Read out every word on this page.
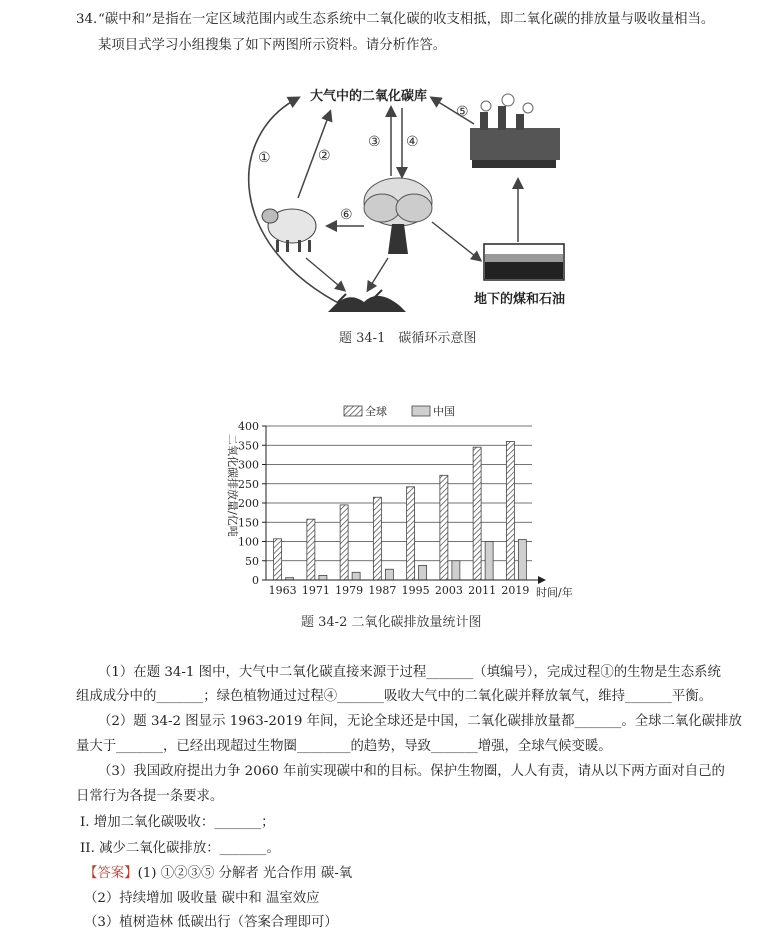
34. “碳中和”是指在一定区域范围内或生态系统中二氧化碳的收支相抵，即二氧化碳的排放量与吸收量相当。
某项目式学习小组搜集了如下两图所示资料。请分析作答。
大气中的二氧化碳库
①	②
③ ④
⑤
⑥
地下的煤和石油
题 34-1　碳循环示意图
0
50
100
150
200
250
300
350
400
1963 1971 1979 1987 1995 2003 2011 2019
二氧化碳排放量/亿吨
时间/年
全球	中国
题 34-2 二氧化碳排放量统计图
（1）在题 34-1 图中，大气中二氧化碳直接来源于过程_______（填编号），完成过程①的生物是生态系统
组成成分中的_______；绿色植物通过过程④_______吸收大气中的二氧化碳并释放氧气，维持_______平衡。
（2）题 34-2 图显示 1963-2019 年间，无论全球还是中国，二氧化碳排放量都_______。全球二氧化碳排放
量大于_______，已经出现超过生物圈________的趋势，导致_______增强，全球气候变暖。
（3）我国政府提出力争 2060 年前实现碳中和的目标。保护生物圈，人人有责，请从以下两方面对自己的
日常行为各提一条要求。
I. 增加二氧化碳吸收：_______；
II. 减少二氧化碳排放：_______。
【答案】(1) ①②③⑤ 分解者 光合作用 碳-氧
（2）持续增加 吸收量 碳中和 温室效应
（3）植树造林 低碳出行（答案合理即可）
